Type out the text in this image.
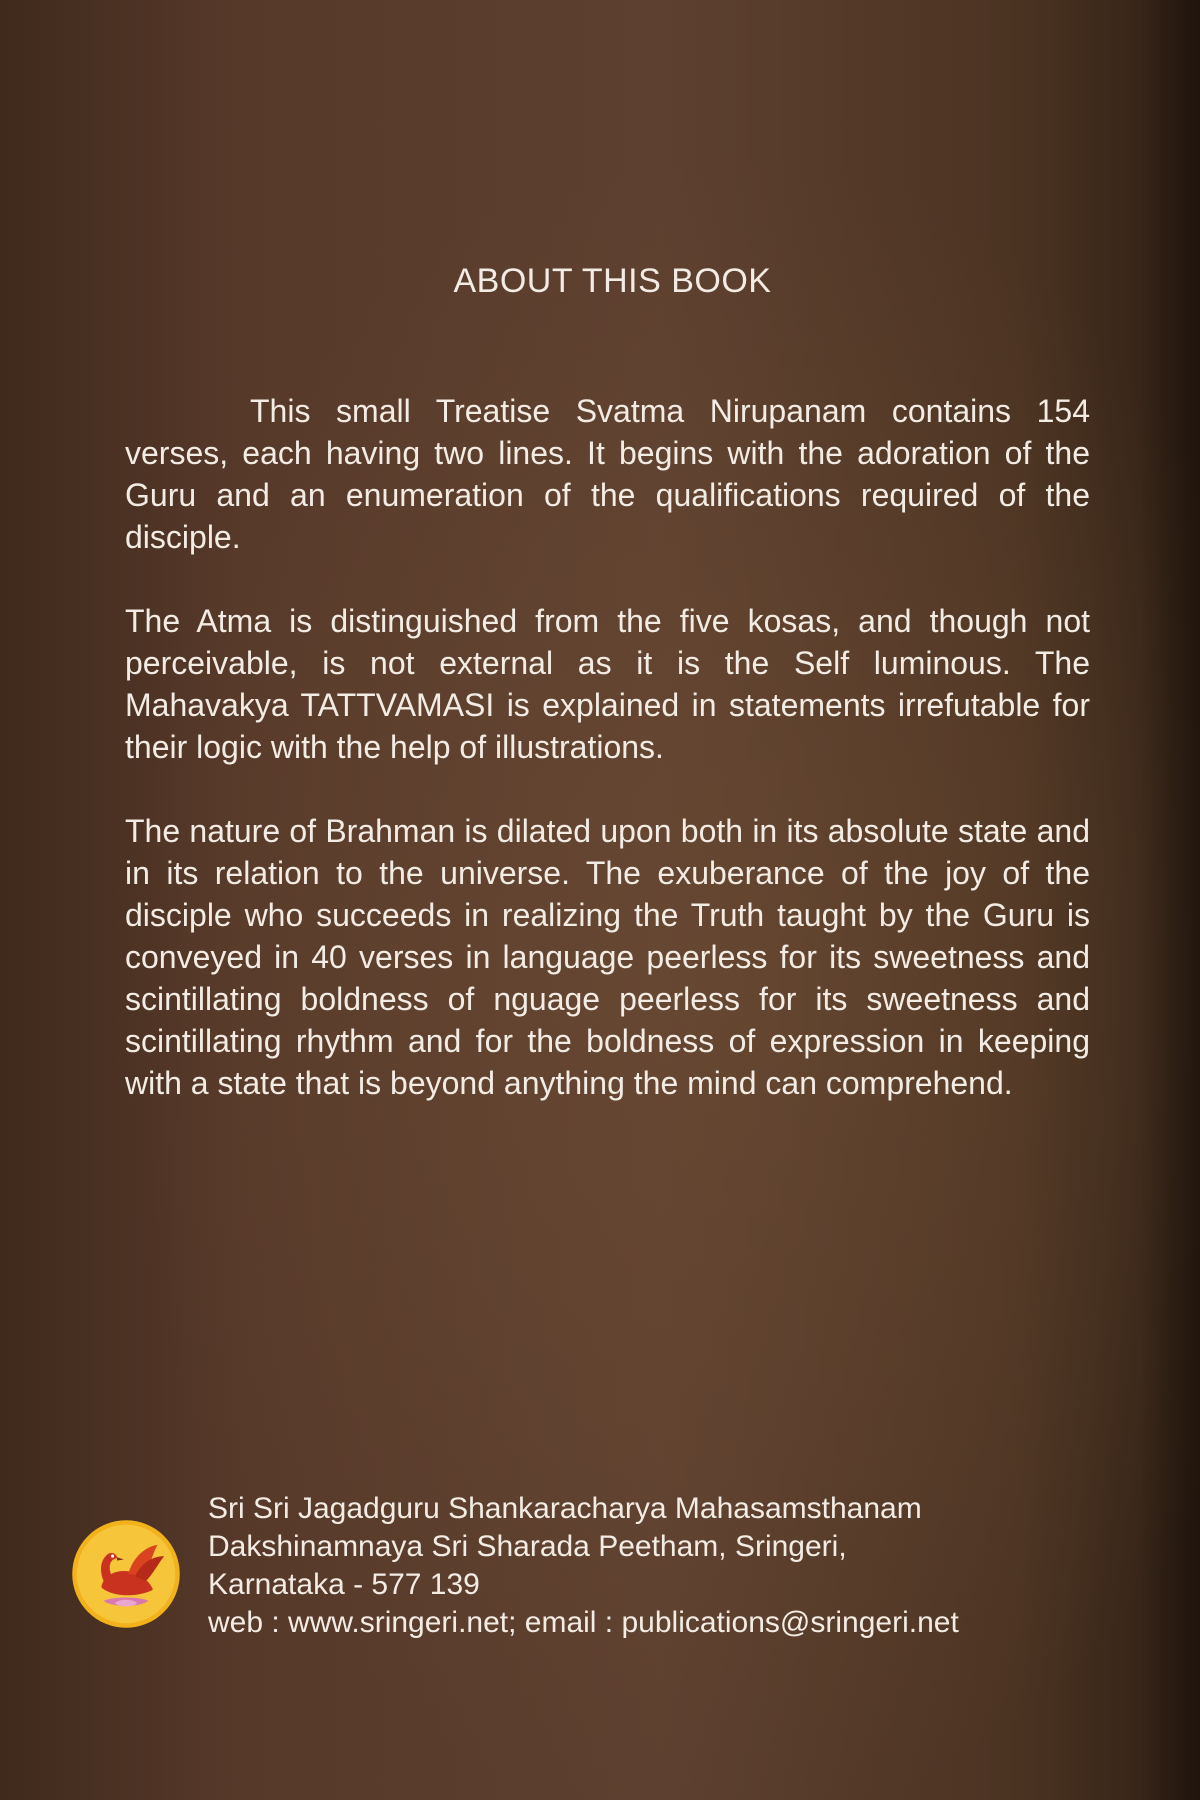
ABOUT THIS BOOK

This small Treatise Svatma Nirupanam contains 154 verses, each having two lines. It begins with the adoration of the Guru and an enumeration of the qualifications required of the disciple.

The Atma is distinguished from the five kosas, and though not perceivable, is not external as it is the Self luminous. The Mahavakya TATTVAMASI is explained in statements irrefutable for their logic with the help of illustrations.

The nature of Brahman is dilated upon both in its absolute state and in its relation to the universe. The exuberance of the joy of the disciple who succeeds in realizing the Truth taught by the Guru is conveyed in 40 verses in language peerless for its sweetness and scintillating boldness of nguage peerless for its sweetness and scintillating rhythm and for the boldness of expression in keeping with a state that is beyond anything the mind can comprehend.

Sri Sri Jagadguru Shankaracharya Mahasamsthanam
Dakshinamnaya Sri Sharada Peetham, Sringeri,
Karnataka - 577 139
web : www.sringeri.net; email : publications@sringeri.net
